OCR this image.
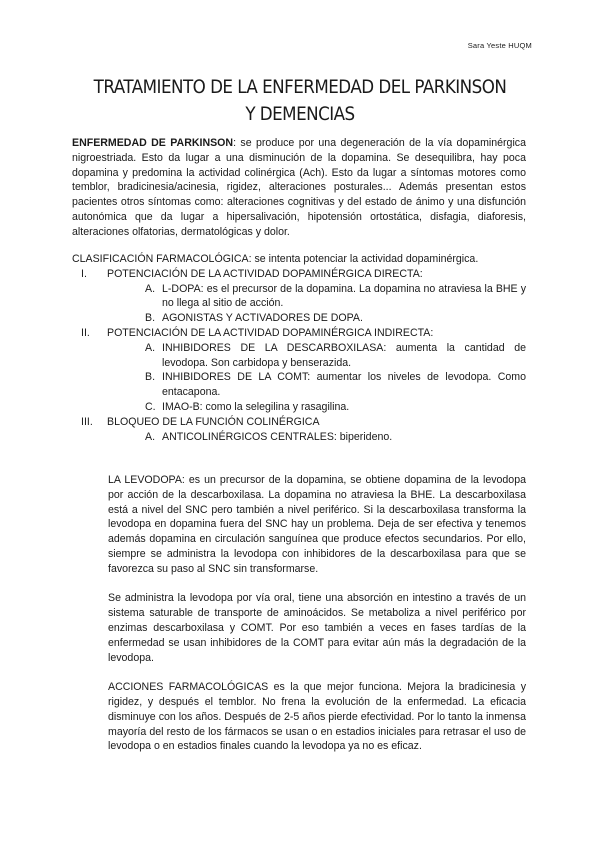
Sara Yeste HUQM
TRATAMIENTO DE LA ENFERMEDAD DEL PARKINSON Y DEMENCIAS

ENFERMEDAD DE PARKINSON: se produce por una degeneración de la vía dopaminérgica nigroestriada. Esto da lugar a una disminución de la dopamina. Se desequilibra, hay poca dopamina y predomina la actividad colinérgica (Ach). Esto da lugar a síntomas motores como temblor, bradicinesia/acinesia, rigidez, alteraciones posturales... Además presentan estos pacientes otros síntomas como: alteraciones cognitivas y del estado de ánimo y una disfunción autonómica que da lugar a hipersalivación, hipotensión ortostática, disfagia, diaforesis, alteraciones olfatorias, dermatológicas y dolor.

CLASIFICACIÓN FARMACOLÓGICA: se intenta potenciar la actividad dopaminérgica.

I.	POTENCIACIÓN DE LA ACTIVIDAD DOPAMINÉRGICA DIRECTA:
A. L-DOPA: es el precursor de la dopamina. La dopamina no atraviesa la BHE y no llega al sitio de acción.
B. AGONISTAS Y ACTIVADORES DE DOPA.
II.	POTENCIACIÓN DE LA ACTIVIDAD DOPAMINÉRGICA INDIRECTA:
A. INHIBIDORES DE LA DESCARBOXILASA: aumenta la cantidad de levodopa. Son carbidopa y benserazida.
B. INHIBIDORES DE LA COMT: aumentar los niveles de levodopa. Como entacapona.
C. IMAO-B: como la selegilina y rasagilina.
III.	BLOQUEO DE LA FUNCIÓN COLINÉRGICA
A. ANTICOLINÉRGICOS CENTRALES: biperideno.

LA LEVODOPA: es un precursor de la dopamina, se obtiene dopamina de la levodopa por acción de la descarboxilasa. La dopamina no atraviesa la BHE. La descarboxilasa está a nivel del SNC pero también a nivel periférico. Si la descarboxilasa transforma la levodopa en dopamina fuera del SNC hay un problema. Deja de ser efectiva y tenemos además dopamina en circulación sanguínea que produce efectos secundarios. Por ello, siempre se administra la levodopa con inhibidores de la descarboxilasa para que se favorezca su paso al SNC sin transformarse.

Se administra la levodopa por vía oral, tiene una absorción en intestino a través de un sistema saturable de transporte de aminoácidos. Se metaboliza a nivel periférico por enzimas descarboxilasa y COMT. Por eso también a veces en fases tardías de la enfermedad se usan inhibidores de la COMT para evitar aún más la degradación de la levodopa.

ACCIONES FARMACOLÓGICAS es la que mejor funciona. Mejora la bradicinesia y rigidez, y después el temblor. No frena la evolución de la enfermedad. La eficacia disminuye con los años. Después de 2-5 años pierde efectividad. Por lo tanto la inmensa mayoría del resto de los fármacos se usan o en estadios iniciales para retrasar el uso de levodopa o en estadios finales cuando la levodopa ya no es eficaz.
